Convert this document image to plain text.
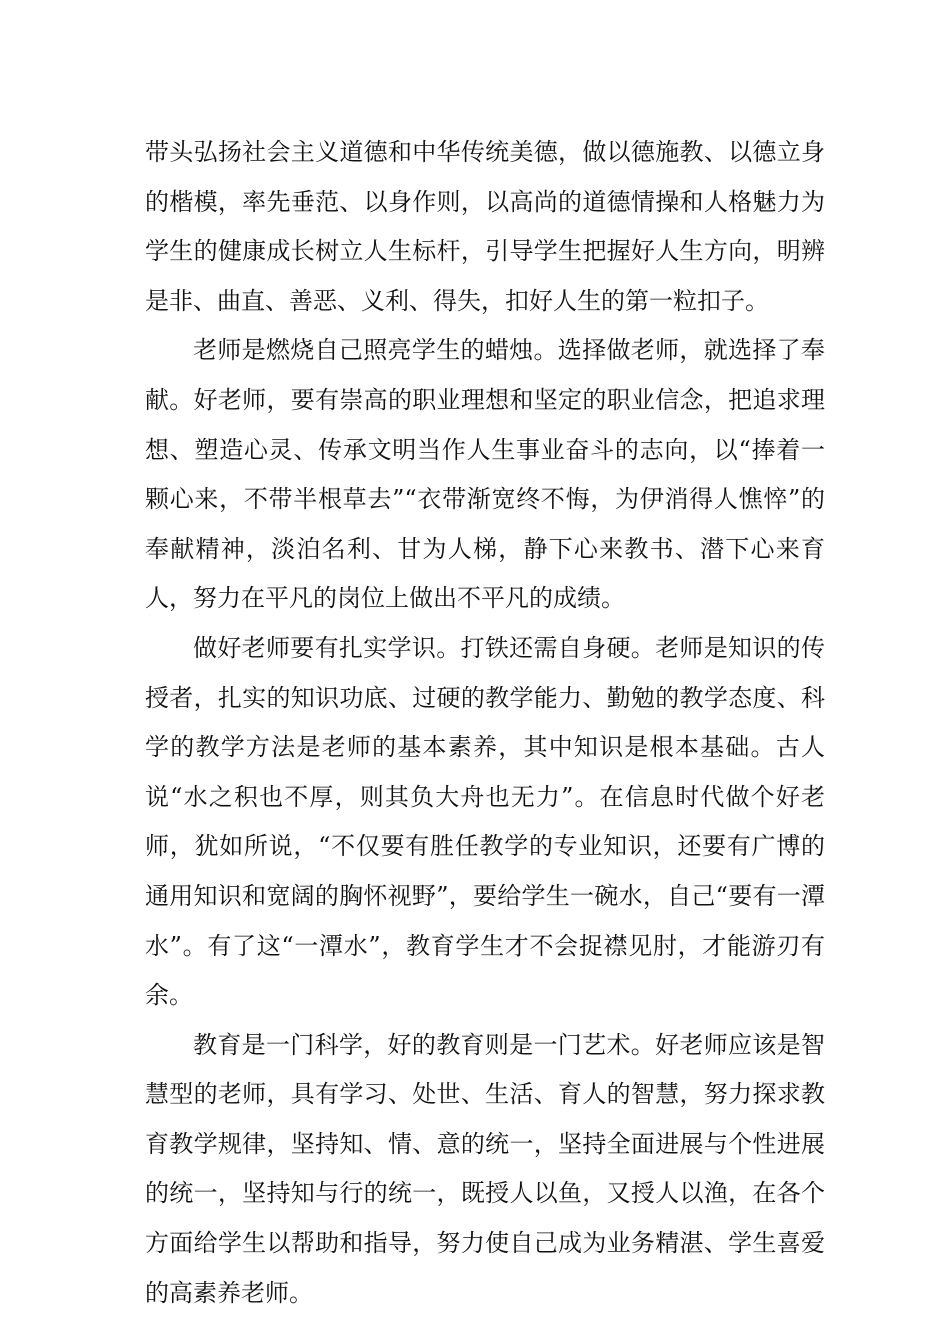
带头弘扬社会主义道德和中华传统美德，做以德施教、以德立身的楷模，率先垂范、以身作则，以高尚的道德情操和人格魅力为学生的健康成长树立人生标杆，引导学生把握好人生方向，明辨是非、曲直、善恶、义利、得失，扣好人生的第一粒扣子。

老师是燃烧自己照亮学生的蜡烛。选择做老师，就选择了奉献。好老师，要有崇高的职业理想和坚定的职业信念，把追求理想、塑造心灵、传承文明当作人生事业奋斗的志向，以“捧着一颗心来，不带半根草去”“衣带渐宽终不悔，为伊消得人憔悴”的奉献精神，淡泊名利、甘为人梯，静下心来教书、潜下心来育人，努力在平凡的岗位上做出不平凡的成绩。

做好老师要有扎实学识。打铁还需自身硬。老师是知识的传授者，扎实的知识功底、过硬的教学能力、勤勉的教学态度、科学的教学方法是老师的基本素养，其中知识是根本基础。古人说“水之积也不厚，则其负大舟也无力”。在信息时代做个好老师，犹如所说，“不仅要有胜任教学的专业知识，还要有广博的通用知识和宽阔的胸怀视野”，要给学生一碗水，自己“要有一潭水”。有了这“一潭水”，教育学生才不会捉襟见肘，才能游刃有余。

教育是一门科学，好的教育则是一门艺术。好老师应该是智慧型的老师，具有学习、处世、生活、育人的智慧，努力探求教育教学规律，坚持知、情、意的统一，坚持全面进展与个性进展的统一，坚持知与行的统一，既授人以鱼，又授人以渔，在各个方面给学生以帮助和指导，努力使自己成为业务精湛、学生喜爱的高素养老师。
